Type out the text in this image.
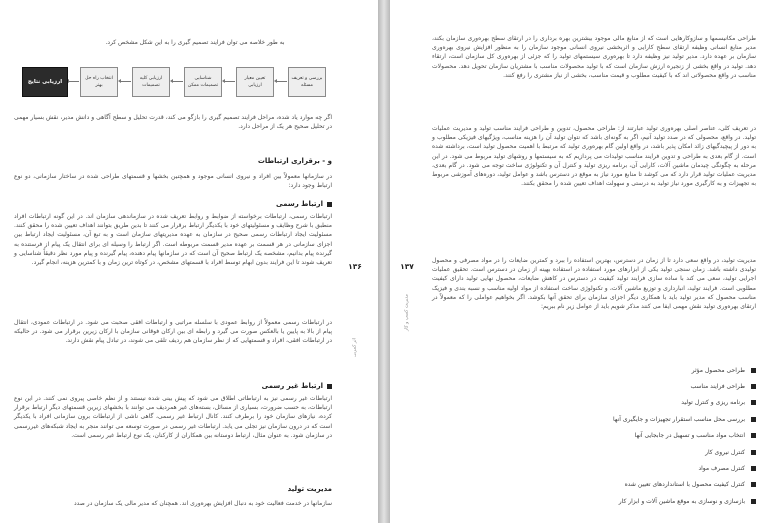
به طور خلاصه می توان فرایند تصمیم گیری را به این شکل مشخص کرد.

بررسی و تعریف مسئله
تعیین معیار ارزیابی
شناسایی تصمیمات ممکن
ارزیابی کلیه تصمیمات
انتخاب راه حل بهتر
ارزیابی نتایج

اگر چه موارد یاد شده، مراحل فرایند تصمیم گیری را بازگو می کند، قدرت تحلیل و سطح آگاهی و دانش مدیر، نقش بسیار مهمی در تحلیل صحیح هر یک از مراحل دارد.

و - برقراری ارتباطات

در سازمانها معمولاً بین افراد و نیروی انسانی موجود و همچنین بخشها و قسمتهای طراحی شده در ساختار سازمانی، دو نوع ارتباط وجود دارد:

ارتباط رسمی

ارتباطات رسمی، ارتباطات برخواسته از ضوابط و روابط تعریف شده در سازماندهی سازمان اند. در این گونه ارتباطات افراد منطبق با شرح وظایف و مسئولیتهای خود با یکدیگر ارتباط برقرار می کنند تا بدین طریق بتوانند اهداف تعیین شده را محقق کنند. مسئولیت ایجاد ارتباطات رسمی صحیح در سازمان به عهده مدیریتهای سازمان است و به تبع آن، مسئولیت ایجاد ارتباط بین اجزای سازمانی در هر قسمت بر عهده مدیر قسمت مربوطه است. اگر ارتباط را وسیله ای برای انتقال یک پیام از فرستنده به گیرنده پیام بدانیم، مشخصه یک ارتباط صحیح آن است که در سازمانها پیام دهنده، پیام گیرنده و پیام مورد نظر دقیقاً شناسایی و تعریف شوند تا این فرایند بدون ابهام توسط افراد با قسمتهای مشخص، در کوتاه ترین زمان و با کمترین هزینه، انجام گیرد.

در ارتباطات رسمی معمولاً از روابط عمودی با سلسله مراتبی و ارتباطات افقی صحبت می شود. در ارتباطات عمودی، انتقال پیام از بالا به پایین یا بالعکس صورت می گیرد و رابطه ای بین ارکان فوقانی سازمان با ارکان زیرین برقرار می شود. در حالیکه در ارتباطات افقی، افراد و قسمتهایی که از نظر سازمان هم ردیف تلقی می شوند، در تبادل پیام نقش دارند.

ارتباط غیر رسمی

ارتباطات غیر رسمی نیز به ارتباطاتی اطلاق می شود که پیش بینی شده نیستند و از نظم خاصی پیروی نمی کنند. در این نوع ارتباطات، به حسب ضرورت، بسیاری از مسائل، بسته‌های غیر همردیف می توانند با بخشهای زیرین قسمتهای دیگر ارتباط برقرار کرده، نیازهای سازمان خود را برطرف کنند. کانال ارتباط غیر رسمی، گاهی ناشی از ارتباطات برون سازمانی افراد با یکدیگر است که در درون سازمان نیز تجلی می یابد. ارتباطات غیر رسمی در صورت توسعه می توانند منجر به ایجاد شبکه‌های غیررسمی در سازمان شود. به عنوان مثال، ارتباط دوستانه بین همکاران از کارکنان، یک نوع ارتباط غیر رسمی است.

مدیریت تولید

سازمانها در خدمت فعالیت خود به دنبال افزایش بهره‌وری اند. همچنان که مدیر مالی یک سازمان در صدد

۱۳۶
اثر کمربی
۱۳۷
مدیریت کسب و کار

طراحی مکانیسمها و سازوکارهایی است که از منابع مالی موجود بیشترین بهره برداری را در ارتقای سطح بهره‌وری سازمان بکند، مدیر منابع انسانی وظیفه ارتقای سطح کارایی و اثربخشی نیروی انسانی موجود سازمان را به منظور افزایش نیروی بهره‌وری سازمان بر عهده دارد. مدیر تولید نیز وظیفه دارد تا بهره‌وری سیستمهای تولید را که جزئی از بهره‌وری کل سازمان است، ارتقاء دهد. تولید در واقع بخشی از زنجیره ارزش سازمان است که با تولید محصولات مناسب با مشتریان سازمان تحویل دهد. محصولات مناسب در واقع محصولاتی اند که با کیفیت مطلوب و قیمت مناسب، بخشی از نیاز مشتری را رفع کنند.

در تعریف کلی، عناصر اصلی بهره‌وری تولید عبارتند از: طراحی محصول، تدوین و طراحی فرایند مناسب تولید و مدیریت عملیات تولید. در واقع، محصولی که در صدد تولید آنیم، اگر به گونه‌ای باشد که نتوان تولید آن را هزینه مناسب، ویژگیهای فیزیکی مطلوب و به دور از پیچیدگیهای زائد امکان پذیر باشد، در واقع اولین گام بهره‌وری تولید که مرتبط با اهمیت محصول تولید است، برداشته شده است. از گام بعدی به طراحی و تدوین فرایند مناسب تولیدات می پردازیم که به سیستمها و روشهای تولید مربوط می شود. در این مرحله به چگونگی چیدمان ماشین آلات، کارایی آن، برنامه ریزی تولید و کنترل آن و تکنولوژی ساخت توجه می شود. در گام بعدی، مدیریت عملیات تولید قرار دارد که می کوشد تا منابع مورد نیاز به موقع در دسترس باشد و عوامل تولید، دوره‌های آموزشی مربوط به تجهیزات و به کارگیری مورد نیاز تولید به درستی و سهولت اهداف تعیین شده را محقق بکنند.

مدیریت تولید، در واقع سعی دارد تا از زمان در دسترس، بهترین استفاده را ببرد و کمترین ضایعات را در مواد مصرفی و محصول تولیدی داشته باشد. زمان سنجی تولید یکی از ابزارهای مورد استفاده در استفاده بهینه از زمان در دسترس است. تحقیق عملیات اجرایی تولید، سعی می کند با ساده سازی فرایند تولید کیفیت در دسترس در کاهش ضایعات، محصول نهایی تولید دارای کیفیت مطلوبی است. فرایند تولید، انبارداری و توزیع ماشین آلات، و تکنولوژی ساخت استفاده از مواد اولیه مناسب و نسبه بندی و فیزیک مناسب محصول که مدیر تولید باید با همکاری دیگر اجزای سازمان برای تحقق آنها بکوشد. اگر بخواهیم عواملی را که معمولاً در ارتقای بهره‌وری تولید نقش مهمی ایفا می کنند مذکر شویم باید از عوامل زیر نام ببریم:

طراحی محصول مؤثر
طراحی فرایند مناسب
برنامه ریزی و کنترل تولید
بررسی محل مناسب استقرار تجهیزات و جایگیری آنها
انتخاب مواد مناسب و تسهیل در جابجایی آنها
کنترل نیروی کار
کنترل مصرف مواد
کنترل کیفیت محصول با استانداردهای تعیین شده
بازسازی و نوسازی به موقع ماشین آلات و ابزار کار
